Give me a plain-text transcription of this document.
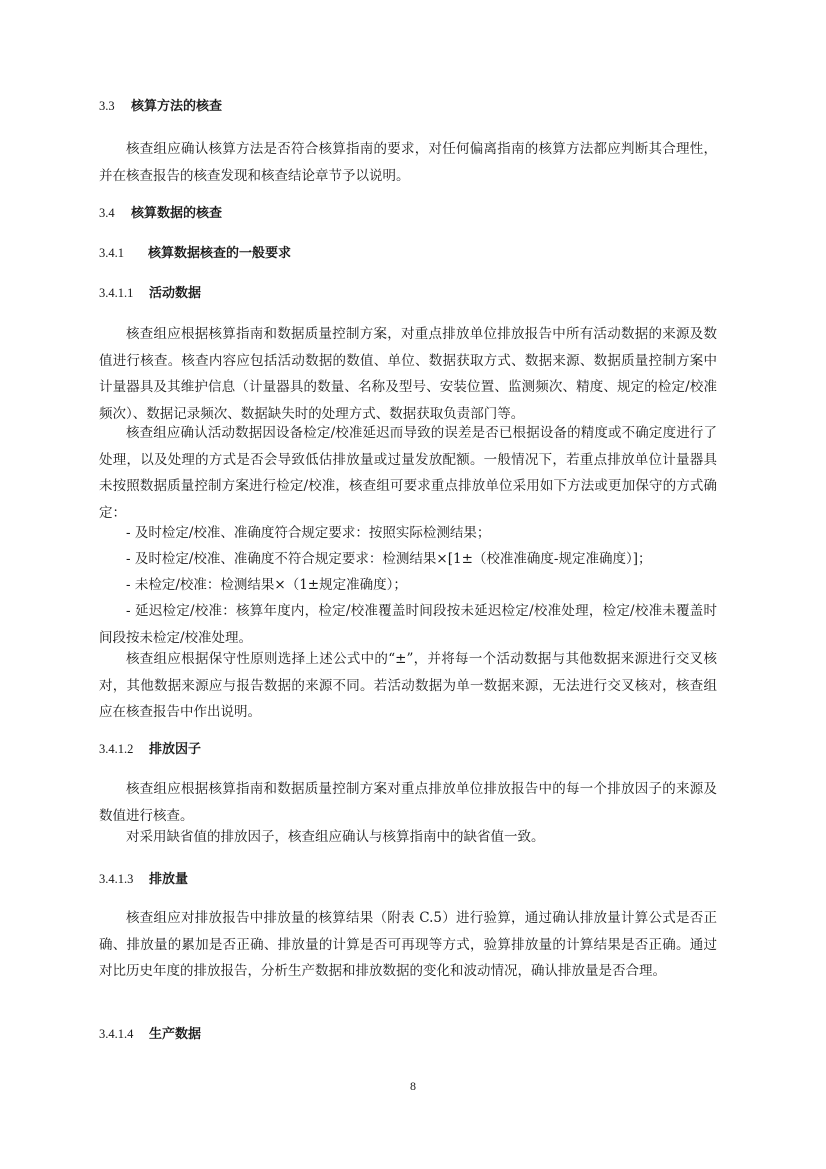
3.3 核算方法的核查

核查组应确认核算方法是否符合核算指南的要求，对任何偏离指南的核算方法都应判断其合理性，并在核查报告的核查发现和核查结论章节予以说明。

3.4 核算数据的核查
3.4.1 核算数据核查的一般要求
3.4.1.1 活动数据

核查组应根据核算指南和数据质量控制方案，对重点排放单位排放报告中所有活动数据的来源及数值进行核查。核查内容应包括活动数据的数值、单位、数据获取方式、数据来源、数据质量控制方案中计量器具及其维护信息（计量器具的数量、名称及型号、安装位置、监测频次、精度、规定的检定/校准频次）、数据记录频次、数据缺失时的处理方式、数据获取负责部门等。

核查组应确认活动数据因设备检定/校准延迟而导致的误差是否已根据设备的精度或不确定度进行了处理，以及处理的方式是否会导致低估排放量或过量发放配额。一般情况下，若重点排放单位计量器具未按照数据质量控制方案进行检定/校准，核查组可要求重点排放单位采用如下方法或更加保守的方式确定：

- 及时检定/校准、准确度符合规定要求：按照实际检测结果；

- 及时检定/校准、准确度不符合规定要求：检测结果×[1±（校准准确度-规定准确度）]；

- 未检定/校准：检测结果×（1±规定准确度）；

- 延迟检定/校准：核算年度内，检定/校准覆盖时间段按未延迟检定/校准处理，检定/校准未覆盖时间段按未检定/校准处理。

核查组应根据保守性原则选择上述公式中的“±”，并将每一个活动数据与其他数据来源进行交叉核对，其他数据来源应与报告数据的来源不同。若活动数据为单一数据来源，无法进行交叉核对，核查组应在核查报告中作出说明。

3.4.1.2 排放因子

核查组应根据核算指南和数据质量控制方案对重点排放单位排放报告中的每一个排放因子的来源及数值进行核查。

对采用缺省值的排放因子，核查组应确认与核算指南中的缺省值一致。

3.4.1.3 排放量

核查组应对排放报告中排放量的核算结果（附表 C.5）进行验算，通过确认排放量计算公式是否正确、排放量的累加是否正确、排放量的计算是否可再现等方式，验算排放量的计算结果是否正确。通过对比历史年度的排放报告，分析生产数据和排放数据的变化和波动情况，确认排放量是否合理。

3.4.1.4 生产数据
8
